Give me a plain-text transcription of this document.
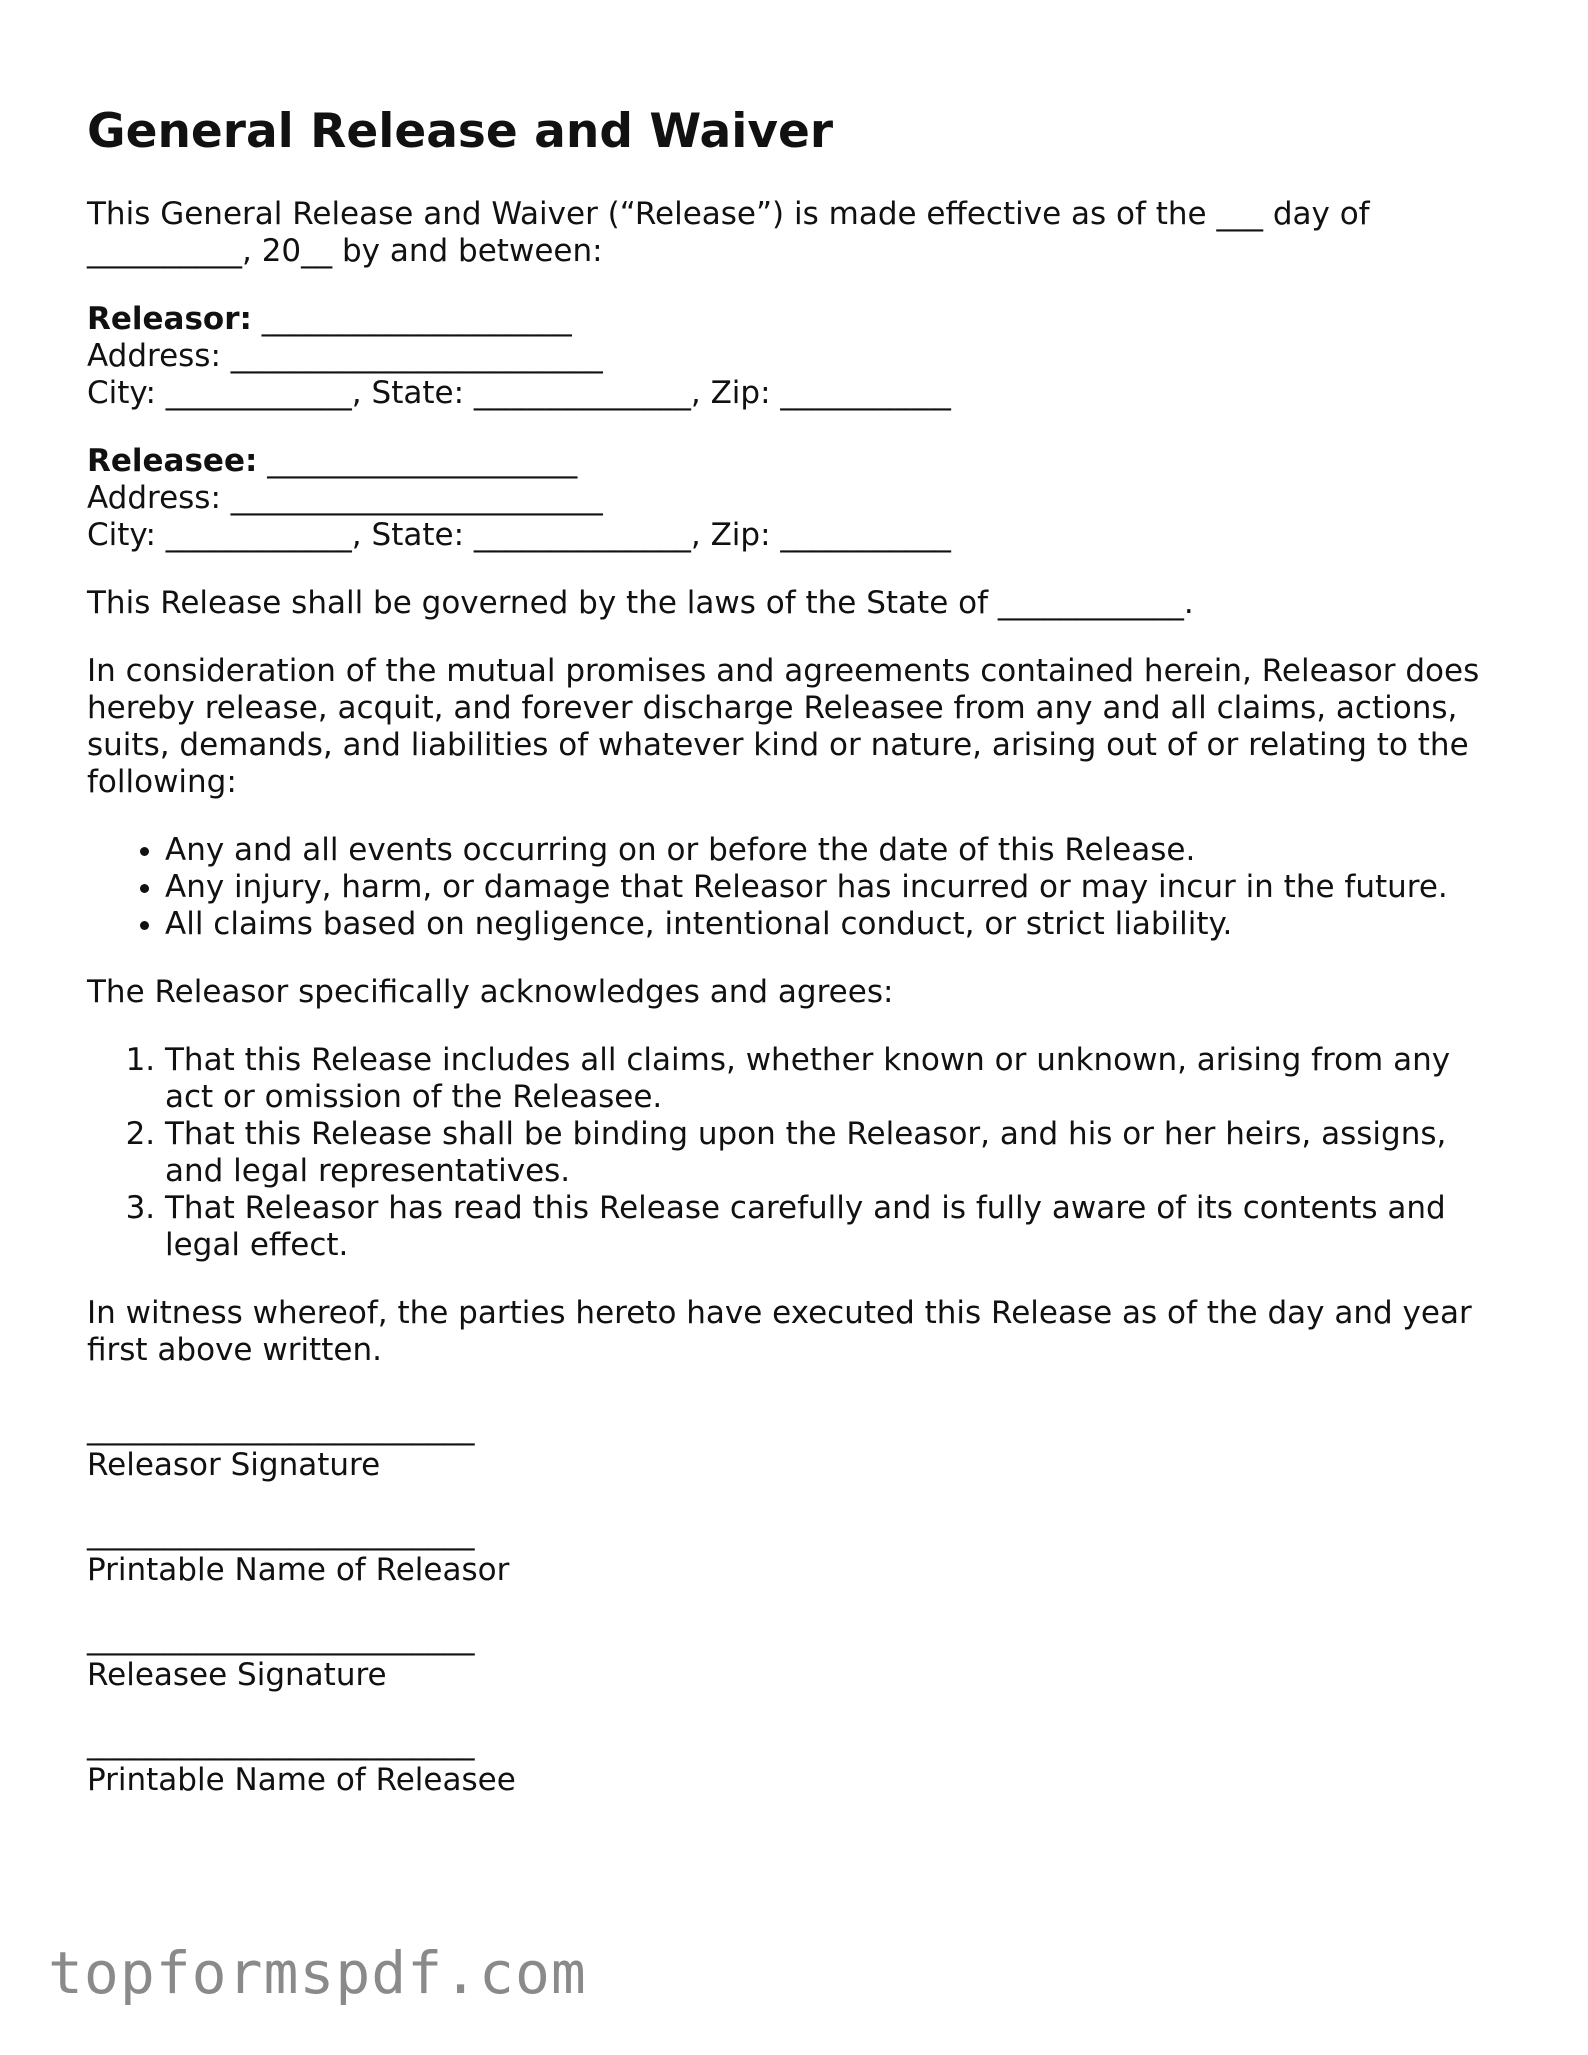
General Release and Waiver

This General Release and Waiver (“Release”) is made effective as of the ___ day of
__________, 20__ by and between:

Releasor: ____________________
Address: ________________________
City: ____________, State: ______________, Zip: ___________
Releasee: ____________________
Address: ________________________
City: ____________, State: ______________, Zip: ___________

This Release shall be governed by the laws of the State of ____________.

In consideration of the mutual promises and agreements contained herein, Releasor does hereby release, acquit, and forever discharge Releasee from any and all claims, actions, suits, demands, and liabilities of whatever kind or nature, arising out of or relating to the following:

• Any and all events occurring on or before the date of this Release.
• Any injury, harm, or damage that Releasor has incurred or may incur in the future.
• All claims based on negligence, intentional conduct, or strict liability.

The Releasor specifically acknowledges and agrees:

1. That this Release includes all claims, whether known or unknown, arising from any act or omission of the Releasee.
2. That this Release shall be binding upon the Releasor, and his or her heirs, assigns, and legal representatives.
3. That Releasor has read this Release carefully and is fully aware of its contents and legal effect.

In witness whereof, the parties hereto have executed this Release as of the day and year first above written.

_________________________
Releasor Signature
_________________________
Printable Name of Releasor
_________________________
Releasee Signature
_________________________
Printable Name of Releasee
topformspdf.com
